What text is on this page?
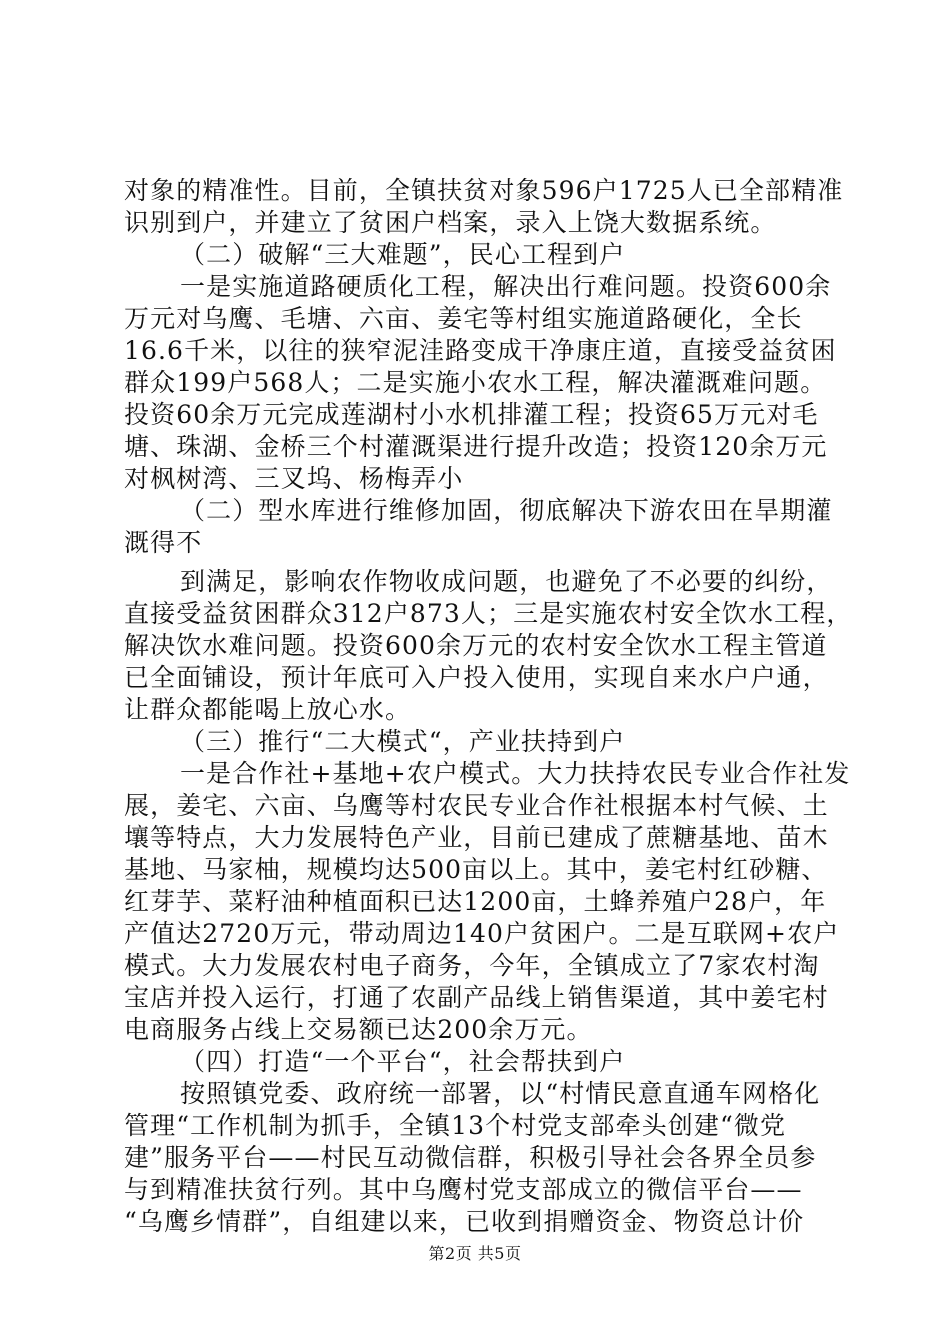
对象的精准性。目前，全镇扶贫对象596户1725人已全部精准
识别到户，并建立了贫困户档案，录入上饶大数据系统。
（二）破解“三大难题”，民心工程到户
一是实施道路硬质化工程，解决出行难问题。投资600余
万元对乌鹰、毛塘、六亩、姜宅等村组实施道路硬化，全长
16.6千米，以往的狭窄泥洼路变成干净康庄道，直接受益贫困
群众199户568人；二是实施小农水工程，解决灌溉难问题。
投资60余万元完成莲湖村小水机排灌工程；投资65万元对毛
塘、珠湖、金桥三个村灌溉渠进行提升改造；投资120余万元
对枫树湾、三叉坞、杨梅弄小
（二）型水库进行维修加固，彻底解决下游农田在旱期灌
溉得不
到满足，影响农作物收成问题，也避免了不必要的纠纷，
直接受益贫困群众312户873人；三是实施农村安全饮水工程，
解决饮水难问题。投资600余万元的农村安全饮水工程主管道
已全面铺设，预计年底可入户投入使用，实现自来水户户通，
让群众都能喝上放心水。
（三）推行“二大模式“，产业扶持到户
一是合作社+基地+农户模式。大力扶持农民专业合作社发
展，姜宅、六亩、乌鹰等村农民专业合作社根据本村气候、土
壤等特点，大力发展特色产业，目前已建成了蔗糖基地、苗木
基地、马家柚，规模均达500亩以上。其中，姜宅村红砂糖、
红芽芋、菜籽油种植面积已达1200亩，土蜂养殖户28户，年
产值达2720万元，带动周边140户贫困户。二是互联网+农户
模式。大力发展农村电子商务，今年，全镇成立了7家农村淘
宝店并投入运行，打通了农副产品线上销售渠道，其中姜宅村
电商服务占线上交易额已达200余万元。
（四）打造“一个平台“，社会帮扶到户
按照镇党委、政府统一部署，以“村情民意直通车网格化
管理“工作机制为抓手，全镇13个村党支部牵头创建“微党
建”服务平台——村民互动微信群，积极引导社会各界全员参
与到精准扶贫行列。其中乌鹰村党支部成立的微信平台——
“乌鹰乡情群”，自组建以来，已收到捐赠资金、物资总计价
第2页 共5页
